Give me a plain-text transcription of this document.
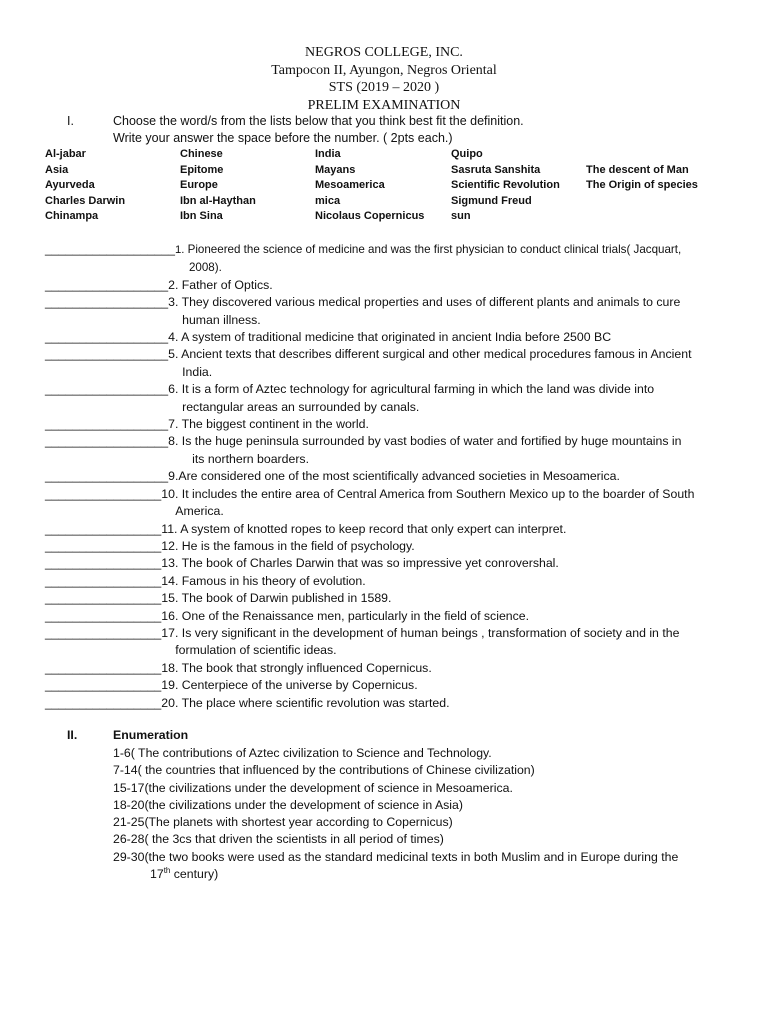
NEGROS COLLEGE, INC.
Tampocon II, Ayungon, Negros Oriental
STS (2019 – 2020 )
PRELIM EXAMINATION
I.	Choose the word/s from the lists below that you think best fit the definition.
Write your answer the space before the number. ( 2pts each.)
Al-jabar	Chinese	India	Quipo
Asia	Epitome	Mayans	Sasruta Sanshita	The descent of Man
Ayurveda	Europe	Mesoamerica	Scientific Revolution	The Origin of species
Charles Darwin	Ibn al-Haythan	mica	Sigmund Freud
Chinampa	Ibn Sina	Nicolaus Copernicus	sun
___________________ 1. Pioneered the science of medicine and was the first physician to conduct clinical trials( Jacquart,
2008).
__________________ 2. Father of Optics.
__________________ 3. They discovered various medical properties and uses of different plants and animals to cure
human illness.
__________________ 4. A system of traditional medicine that originated in ancient India before 2500 BC
__________________ 5. Ancient texts that describes different surgical and other medical procedures famous in Ancient
India.
__________________ 6. It is a form of Aztec technology for agricultural farming in which the land was divide into
rectangular areas an surrounded by canals.
__________________ 7. The biggest continent in the world.
__________________ 8. Is the huge peninsula surrounded by vast bodies of water and fortified by huge mountains in
its northern boarders.
__________________ 9.Are considered one of the most scientifically advanced societies in Mesoamerica.
_________________ 10. It includes the entire area of Central America from Southern Mexico up to the boarder of South
America.
_________________ 11. A system of knotted ropes to keep record that only expert can interpret.
_________________ 12. He is the famous in the field of psychology.
_________________ 13. The book of Charles Darwin that was so impressive yet conrovershal.
_________________ 14. Famous in his theory of evolution.
_________________ 15. The book of Darwin published in 1589.
_________________ 16. One of the Renaissance men, particularly in the field of science.
_________________ 17. Is very significant in the development of human beings , transformation of society and in the
formulation of scientific ideas.
_________________ 18. The book that strongly influenced Copernicus.
_________________ 19. Centerpiece of the universe by Copernicus.
_________________ 20. The place where scientific revolution was started.
II.	Enumeration
1-6( The contributions of Aztec civilization to Science and Technology.
7-14( the countries that influenced by the contributions of Chinese civilization)
15-17(the civilizations under the development of science in Mesoamerica.
18-20(the civilizations under the development of science in Asia)
21-25(The planets with shortest year according to Copernicus)
26-28( the 3cs that driven the scientists in all period of times)
29-30(the two books were used as the standard medicinal texts in both Muslim and in Europe during the
17th century)
